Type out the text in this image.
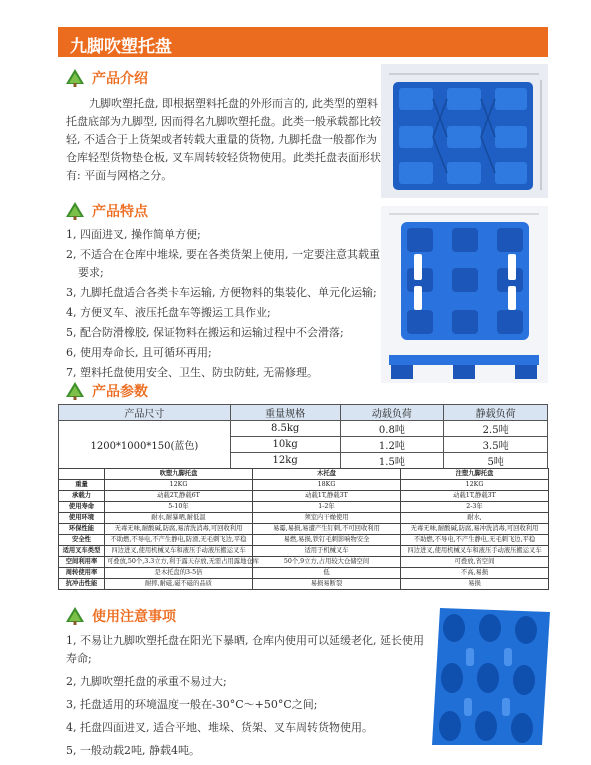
九脚吹塑托盘
产品介绍

九脚吹塑托盘, 即根据塑料托盘的外形而言的, 此类型的塑料托盘底部为九脚型, 因而得名九脚吹塑托盘。此类一般承载都比较轻, 不适合于上货架或者转载大重量的货物, 九脚托盘一般都作为仓库轻型货物垫仓板, 叉车周转较轻货物使用。此类托盘表面形状有: 平面与网格之分。

产品特点
1, 四面进叉, 操作简单方便;
2, 不适合在仓库中堆垛, 要在各类货架上使用, 一定要注意其载重要求;
3, 九脚托盘适合各类卡车运输, 方便物料的集装化、单元化运输;
4, 方便叉车、液压托盘车等搬运工具作业;
5, 配合防滑橡胶, 保证物料在搬运和运输过程中不会滑落;
6, 使用寿命长, 且可循环再用;
7, 塑料托盘使用安全、卫生、防虫防蛀, 无需修理。
产品参数
产品尺寸	重量规格	动载负荷	静载负荷
1200*1000*150(蓝色)	8.5kg	0.8吨	2.5吨
	10kg	1.2吨	3.5吨
	12kg	1.5吨	5吨
	吹塑九脚托盘	木托盘	注塑九脚托盘
重量	12KG	18KG	12KG
承载力	动载2T,静载6T	动载1T,静载3T	动载1T,静载3T
使用寿命	5-10年	1-2年	2-3年
使用环境	耐水,耐暴晒,耐低温	须室内干燥使用	耐水,
环保性能	无毒无味,耐酸碱,防腐,易清洗消毒,可回收利用	易霉,易损,易遭产生钉刺,不可回收利用	无毒无味,耐酸碱,防腐,易冲洗消毒,可回收利用
安全性	不助燃,不导电,不产生静电,防滑,无毛刺飞边,平稳	易燃,易损,铁钉毛刺影响物安全	不助燃,不导电,不产生静电,无毛刺飞边,平稳
适用叉车类型	四边进叉,使用机械叉车和液压手动液压搬运叉车	适用于机械叉车	四边进叉,使用机械叉车和液压手动液压搬运叉车
空间利用率	可叠放,50个,3.3立方,利于露天存放,无需占用露地仓库	50个,9立方,占用较大仓储空间	可叠放,省空间
周转使用率	是木托盘的3-5倍	低	不高,易损
抗冲击性能	耐摔,耐磁,磁不磁的品质	易损易断裂	易损
使用注意事项
1, 不易让九脚吹塑托盘在阳光下暴晒, 仓库内使用可以延缓老化, 延长使用寿命;
2, 九脚吹塑托盘的承重不易过大;
3, 托盘适用的环境温度一般在-30°C～+50°C之间;
4, 托盘四面进叉, 适合平地、堆垛、货架、叉车周转货物使用。
5, 一般动载2吨, 静载4吨。
